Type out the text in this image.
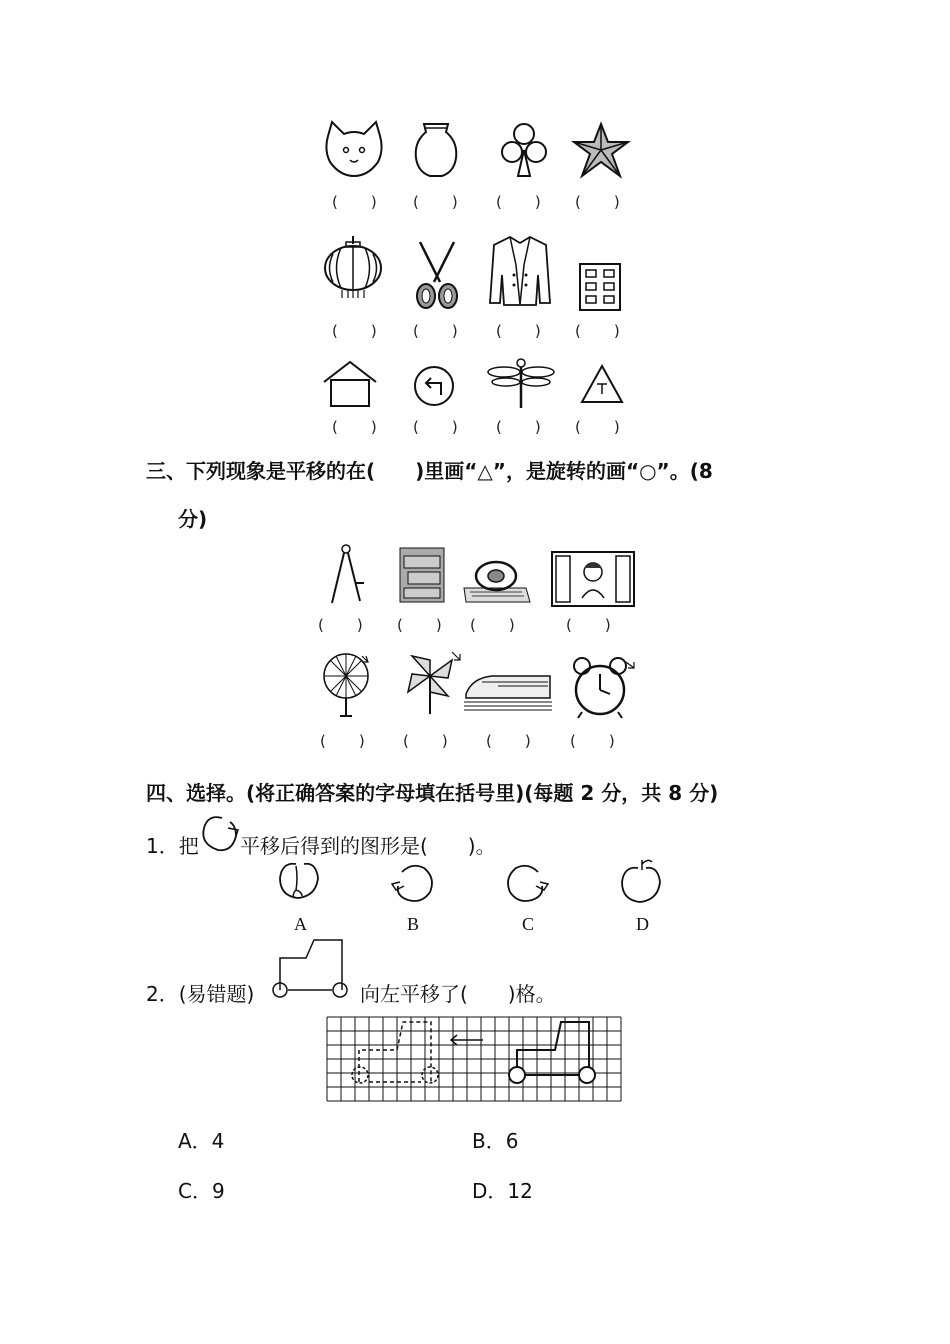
(　　) (　　) (　　) (　　)
(　　) (　　) (　　) (　　)
(　　) (　　) (　　) (　　)
三、下列现象是平移的在(　　)里画“△”，是旋转的画“○”。(8
分)
(　　) (　　) (　　)	(　　)
(　　) (　　) (　　)	(　　)
四、选择。(将正确答案的字母填在括号里)(每题 2 分，共 8 分)
1．把 平移后得到的图形是(　　)。
A	B	C	D
2．(易错题)	向左平移了(　　)格。
A．4	B．6
C．9	D．12
